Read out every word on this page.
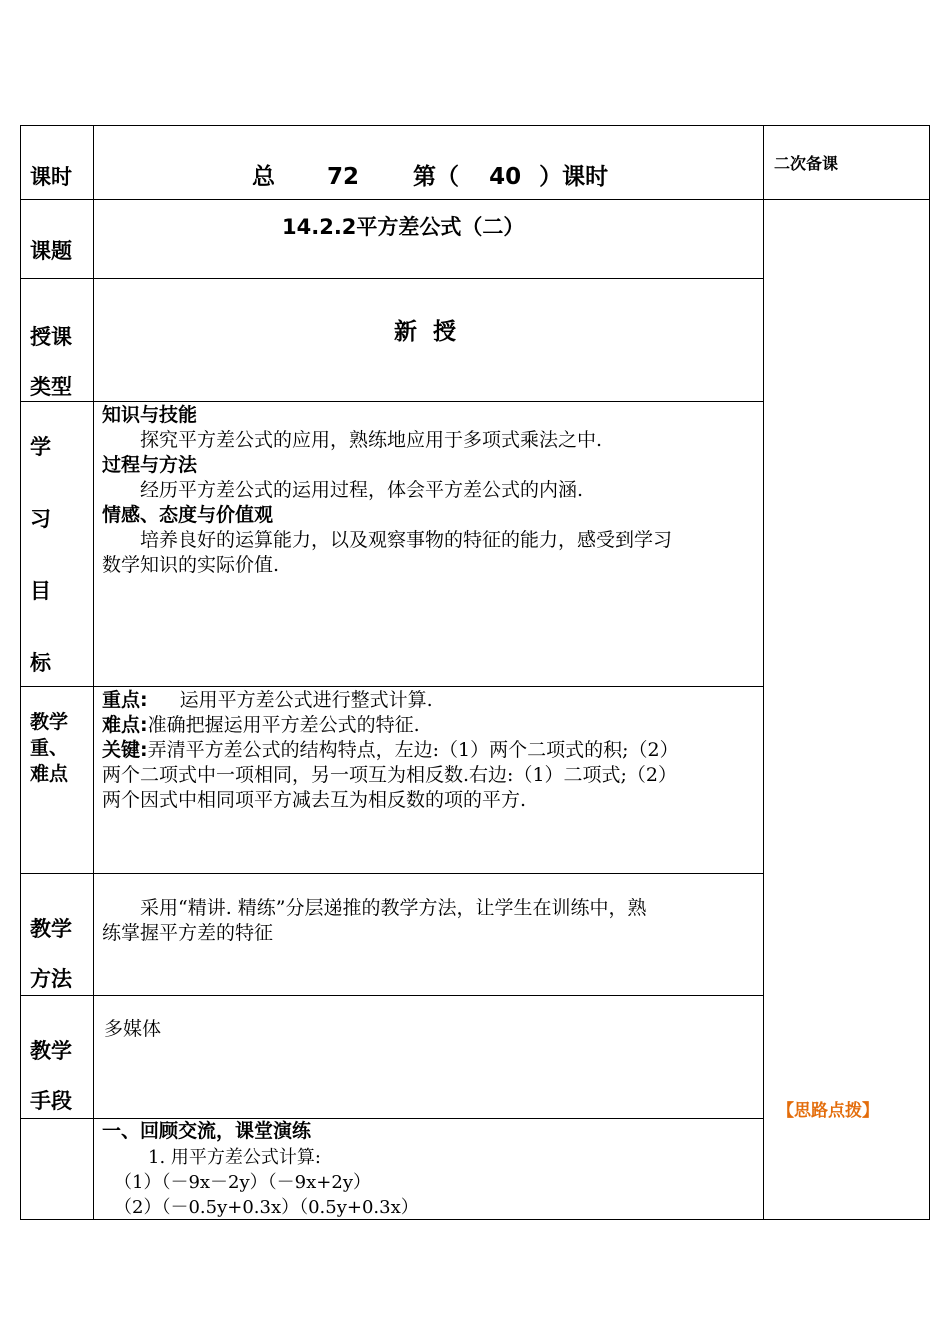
课时	总 72 第（ 40 ）课时
二次备课
课题
14.2.2平方差公式（二）
授课
类型
新  授
学
习
目
标
知识与技能
探究平方差公式的应用，熟练地应用于多项式乘法之中.
过程与方法
经历平方差公式的运用过程，体会平方差公式的内涵.
情感、态度与价值观
培养良好的运算能力，以及观察事物的特征的能力，感受到学习
数学知识的实际价值.
教学
重、
难点
重点: 运用平方差公式进行整式计算.
难点:准确把握运用平方差公式的特征.
关键:弄清平方差公式的结构特点，左边:（1）两个二项式的积;（2）
两个二项式中一项相同，另一项互为相反数.右边:（1）二项式;（2）
两个因式中相同项平方减去互为相反数的项的平方.
教学
方法
采用“精讲. 精练”分层递推的教学方法，让学生在训练中，熟
练掌握平方差的特征
教学
手段
多媒体
【思路点拨】
一、回顾交流，课堂演练
1. 用平方差公式计算:
（1）（－9x－2y）（－9x+2y）
（2）（－0.5y+0.3x）（0.5y+0.3x）
